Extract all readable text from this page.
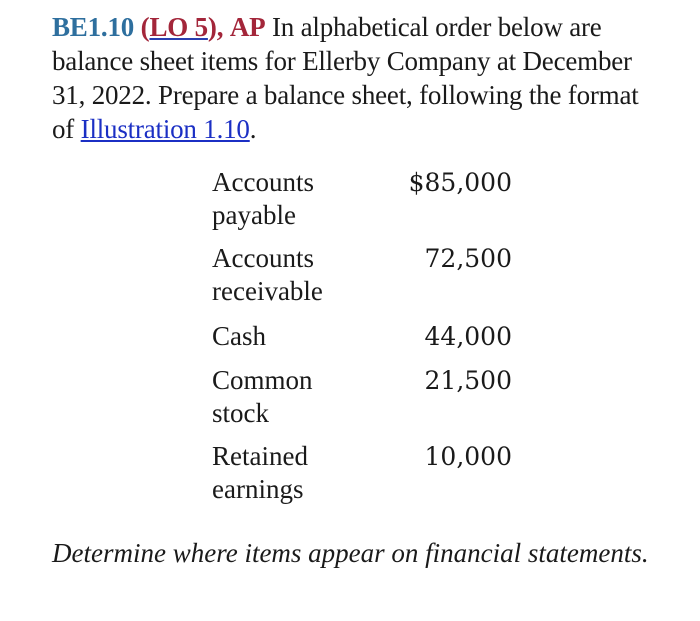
BE1.10 (LO 5), AP In alphabetical order below are balance sheet items for Ellerby Company at December 31, 2022. Prepare a balance sheet, following the format of Illustration 1.10.
Accounts payable
$85,000
Accounts receivable
72,500
Cash	44,000
Common stock
21,500
Retained earnings
10,000
Determine where items appear on financial statements.
